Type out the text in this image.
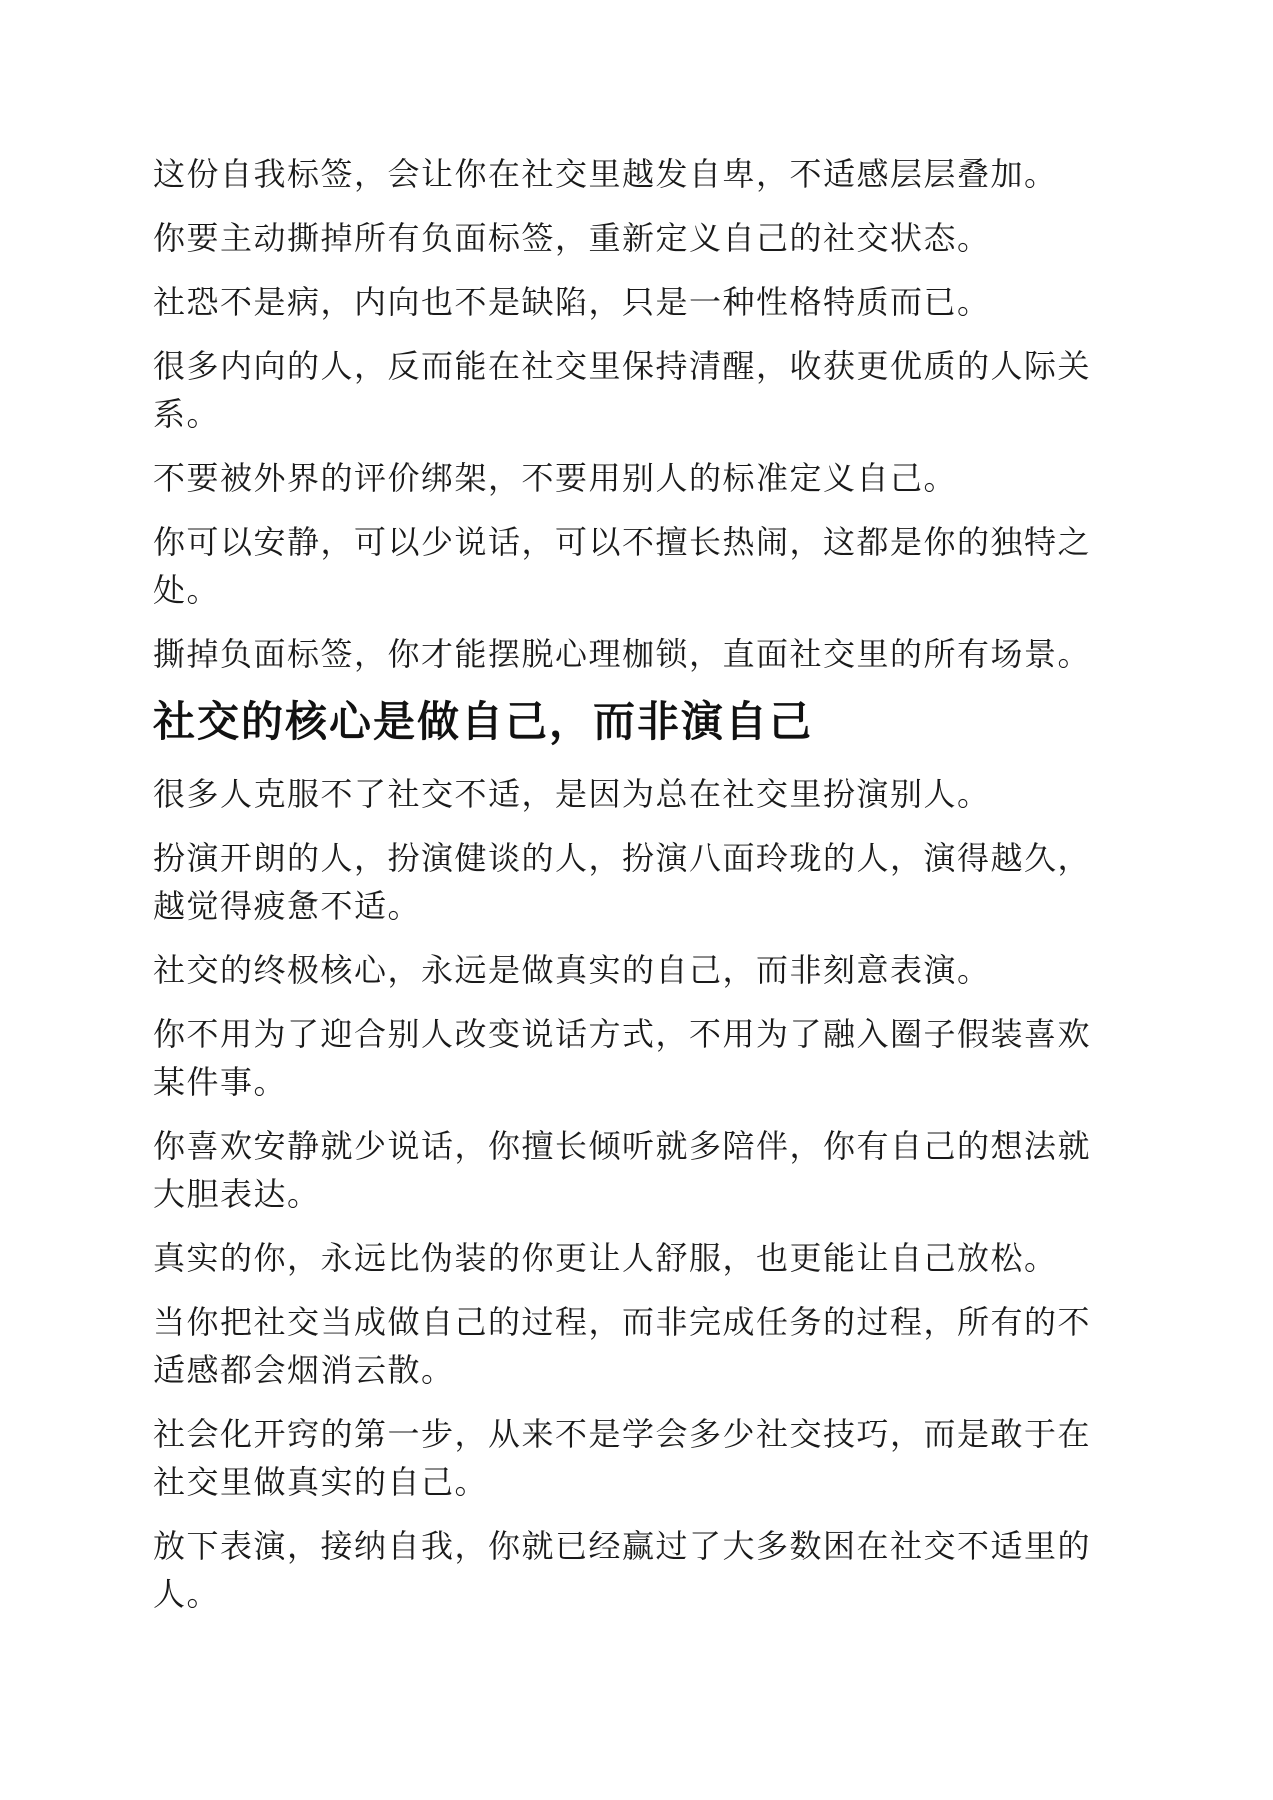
这份自我标签，会让你在社交里越发自卑，不适感层层叠加。

你要主动撕掉所有负面标签，重新定义自己的社交状态。

社恐不是病，内向也不是缺陷，只是一种性格特质而已。

很多内向的人，反而能在社交里保持清醒，收获更优质的人际关系。

不要被外界的评价绑架，不要用别人的标准定义自己。

你可以安静，可以少说话，可以不擅长热闹，这都是你的独特之处。

撕掉负面标签，你才能摆脱心理枷锁，直面社交里的所有场景。

社交的核心是做自己，而非演自己

很多人克服不了社交不适，是因为总在社交里扮演别人。

扮演开朗的人，扮演健谈的人，扮演八面玲珑的人，演得越久，越觉得疲惫不适。

社交的终极核心，永远是做真实的自己，而非刻意表演。

你不用为了迎合别人改变说话方式，不用为了融入圈子假装喜欢某件事。

你喜欢安静就少说话，你擅长倾听就多陪伴，你有自己的想法就大胆表达。

真实的你，永远比伪装的你更让人舒服，也更能让自己放松。

当你把社交当成做自己的过程，而非完成任务的过程，所有的不适感都会烟消云散。

社会化开窍的第一步，从来不是学会多少社交技巧，而是敢于在社交里做真实的自己。

放下表演，接纳自我，你就已经赢过了大多数困在社交不适里的人。
